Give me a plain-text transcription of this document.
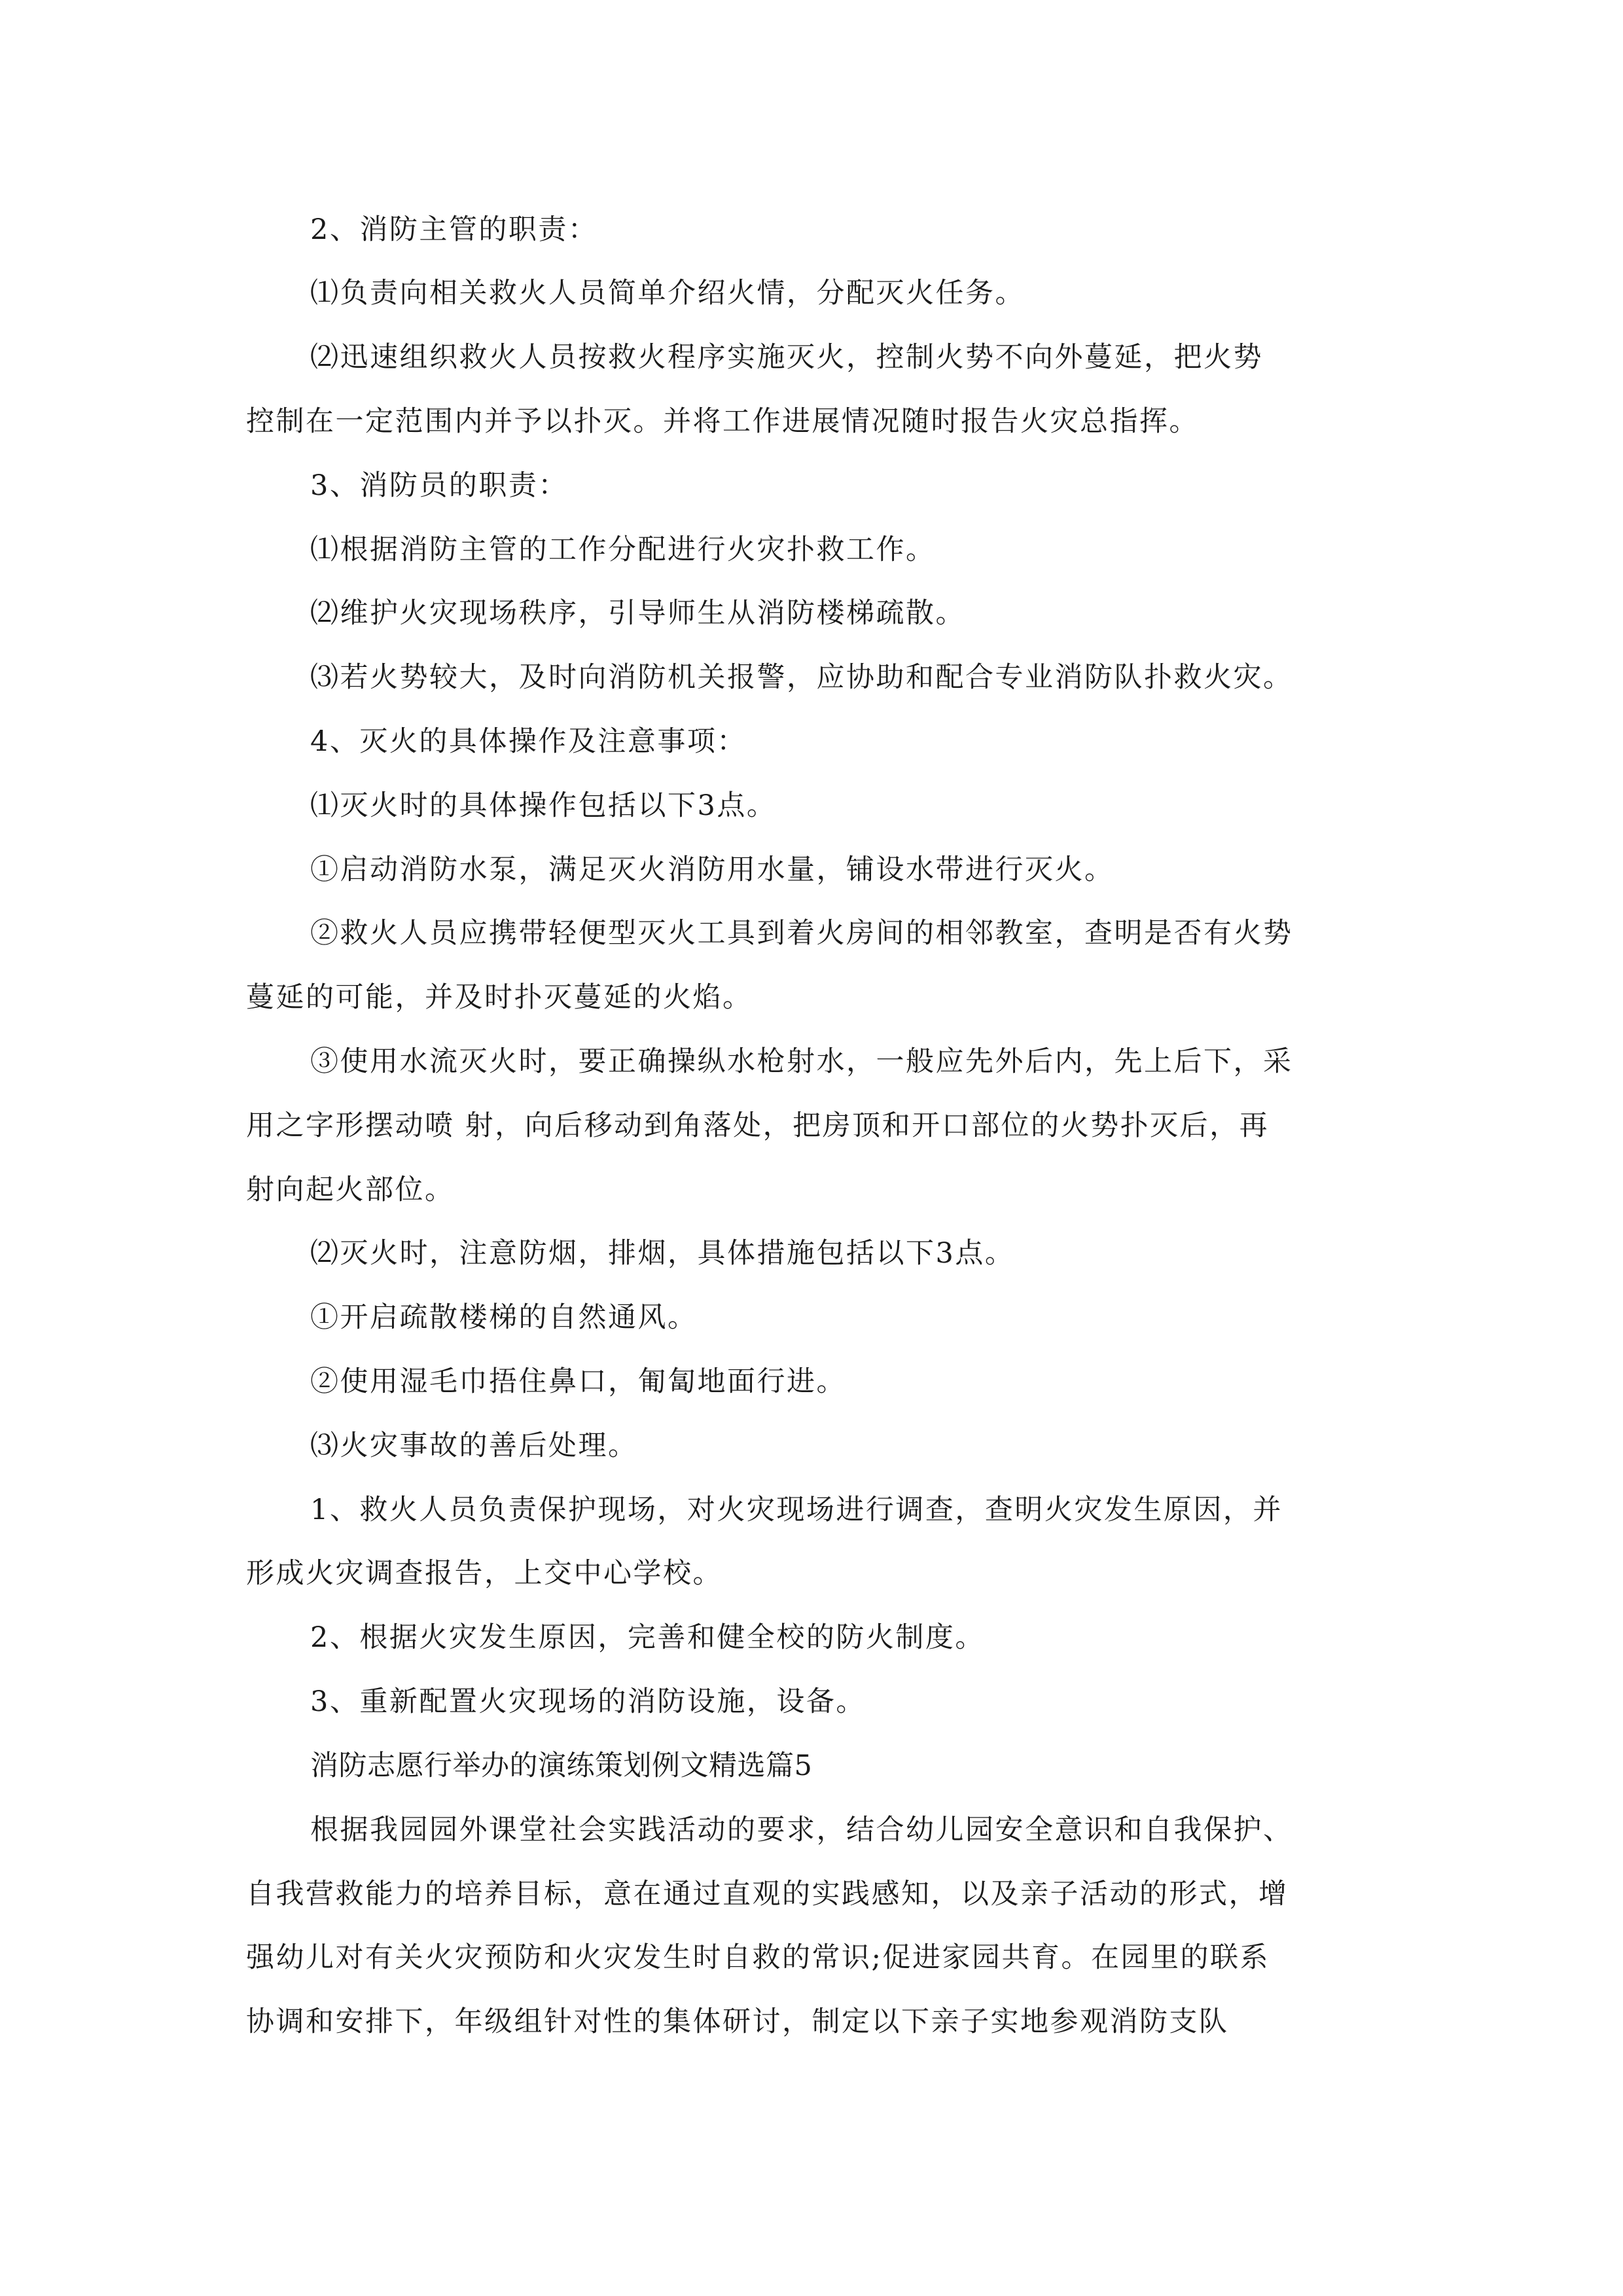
2、消防主管的职责：
⑴负责向相关救火人员简单介绍火情，分配灭火任务。
⑵迅速组织救火人员按救火程序实施灭火，控制火势不向外蔓延，把火势
控制在一定范围内并予以扑灭。并将工作进展情况随时报告火灾总指挥。
3、消防员的职责：
⑴根据消防主管的工作分配进行火灾扑救工作。
⑵维护火灾现场秩序，引导师生从消防楼梯疏散。
⑶若火势较大，及时向消防机关报警，应协助和配合专业消防队扑救火灾。
4、灭火的具体操作及注意事项：
⑴灭火时的具体操作包括以下3点。
①启动消防水泵，满足灭火消防用水量，铺设水带进行灭火。
②救火人员应携带轻便型灭火工具到着火房间的相邻教室，查明是否有火势
蔓延的可能，并及时扑灭蔓延的火焰。
③使用水流灭火时，要正确操纵水枪射水，一般应先外后内，先上后下，采
用之字形摆动喷 射，向后移动到角落处，把房顶和开口部位的火势扑灭后，再
射向起火部位。
⑵灭火时，注意防烟，排烟，具体措施包括以下3点。
①开启疏散楼梯的自然通风。
②使用湿毛巾捂住鼻口，匍匐地面行进。
⑶火灾事故的善后处理。
1、救火人员负责保护现场，对火灾现场进行调查，查明火灾发生原因，并
形成火灾调查报告，上交中心学校。
2、根据火灾发生原因，完善和健全校的防火制度。
3、重新配置火灾现场的消防设施，设备。
消防志愿行举办的演练策划例文精选篇5
根据我园园外课堂社会实践活动的要求，结合幼儿园安全意识和自我保护、
自我营救能力的培养目标，意在通过直观的实践感知，以及亲子活动的形式，增
强幼儿对有关火灾预防和火灾发生时自救的常识;促进家园共育。在园里的联系
协调和安排下，年级组针对性的集体研讨，制定以下亲子实地参观消防支队
